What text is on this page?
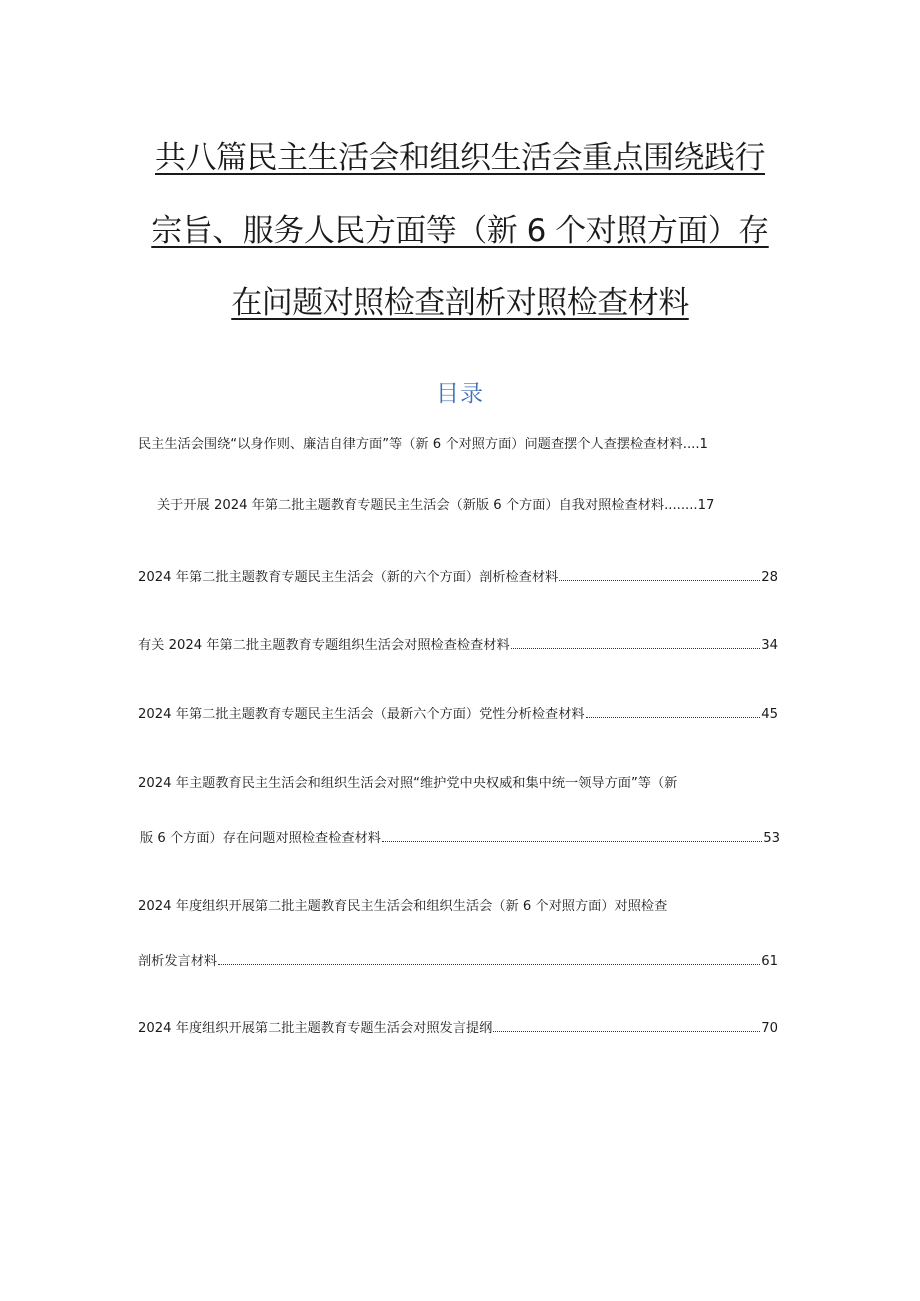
共八篇民主生活会和组织生活会重点围绕践行
宗旨、服务人民方面等（新 6 个对照方面）存
在问题对照检查剖析对照检查材料
目录
民主生活会围绕“以身作则、廉洁自律方面”等（新 6 个对照方面）问题查摆个人查摆检查材料 .... 1
关于开展 2024 年第二批主题教育专题民主生活会（新版 6 个方面）自我对照检查材料 ........ 17
2024 年第二批主题教育专题民主生活会（新的六个方面）剖析检查材料	28
有关 2024 年第二批主题教育专题组织生活会对照检查检查材料	34
2024 年第二批主题教育专题民主生活会（最新六个方面）党性分析检查材料	45
2024 年主题教育民主生活会和组织生活会对照“维护党中央权威和集中统一领导方面”等（新
版 6 个方面）存在问题对照检查检查材料	53
2024 年度组织开展第二批主题教育民主生活会和组织生活会（新 6 个对照方面）对照检查
剖析发言材料	61
2024 年度组织开展第二批主题教育专题生活会对照发言提纲	70
